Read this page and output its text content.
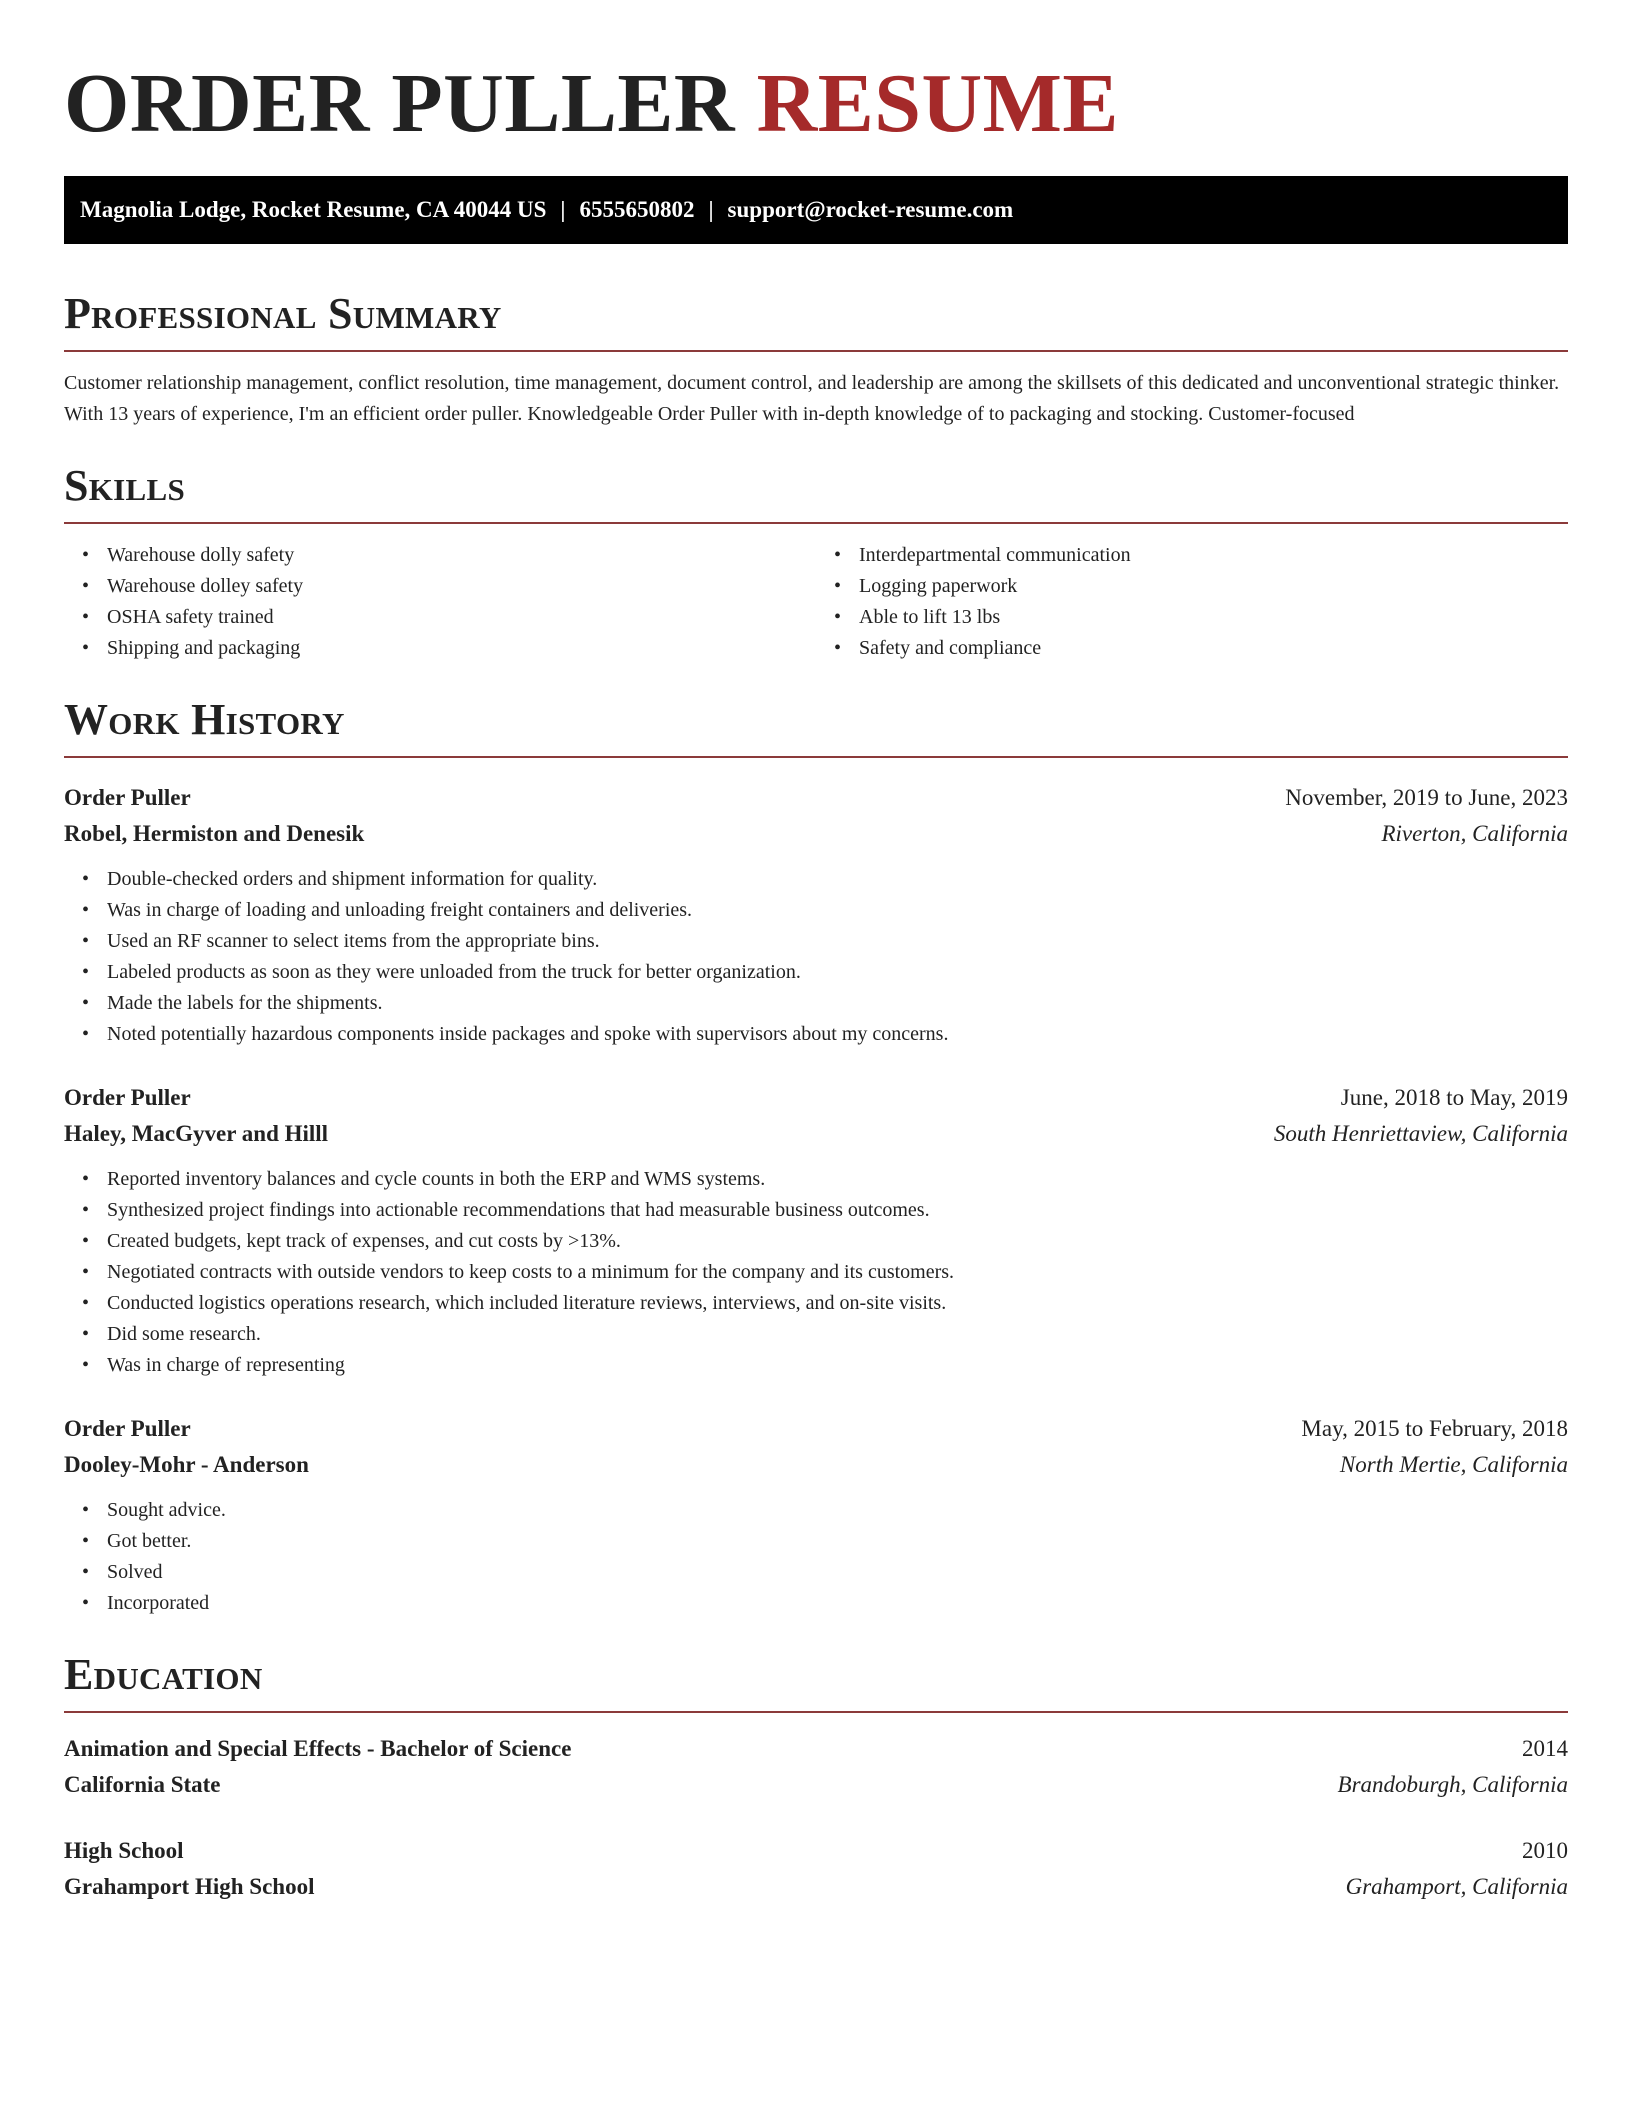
ORDER PULLER RESUME
Magnolia Lodge, Rocket Resume, CA 40044 US | 6555650802 | support@rocket-resume.com
Professional Summary

Customer relationship management, conflict resolution, time management, document control, and leadership are among the skillsets of this dedicated and unconventional strategic thinker. With 13 years of experience, I'm an efficient order puller. Knowledgeable Order Puller with in-depth knowledge of to packaging and stocking. Customer-focused

Skills
• Warehouse dolly safety
• Warehouse dolley safety
• OSHA safety trained
• Shipping and packaging
• Interdepartmental communication
• Logging paperwork
• Able to lift 13 lbs
• Safety and compliance
Work History
Order Puller	November, 2019 to June, 2023
Robel, Hermiston and Denesik	Riverton, California
• Double-checked orders and shipment information for quality.
• Was in charge of loading and unloading freight containers and deliveries.
• Used an RF scanner to select items from the appropriate bins.
• Labeled products as soon as they were unloaded from the truck for better organization.
• Made the labels for the shipments.
• Noted potentially hazardous components inside packages and spoke with supervisors about my concerns.
Order Puller	June, 2018 to May, 2019
Haley, MacGyver and Hilll	South Henriettaview, California
• Reported inventory balances and cycle counts in both the ERP and WMS systems.
• Synthesized project findings into actionable recommendations that had measurable business outcomes.
• Created budgets, kept track of expenses, and cut costs by >13%.
• Negotiated contracts with outside vendors to keep costs to a minimum for the company and its customers.
• Conducted logistics operations research, which included literature reviews, interviews, and on-site visits.
• Did some research.
• Was in charge of representing
Order Puller	May, 2015 to February, 2018
Dooley-Mohr - Anderson	North Mertie, California
• Sought advice.
• Got better.
• Solved
• Incorporated
Education
Animation and Special Effects - Bachelor of Science	2014
California State	Brandoburgh, California
High School	2010
Grahamport High School	Grahamport, California
